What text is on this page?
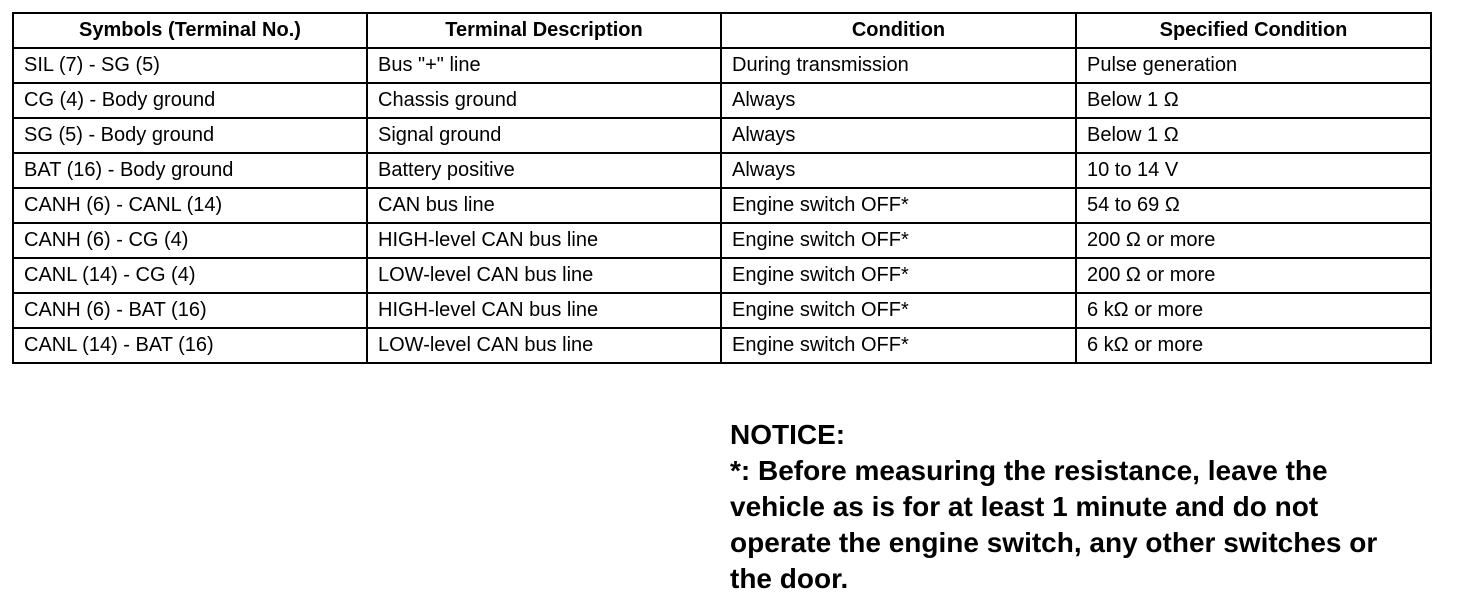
Symbols (Terminal No.)	Terminal Description	Condition	Specified Condition
SIL (7) - SG (5)	Bus "+" line	During transmission	Pulse generation
CG (4) - Body ground	Chassis ground	Always	Below 1 Ω
SG (5) - Body ground	Signal ground	Always	Below 1 Ω
BAT (16) - Body ground	Battery positive	Always	10 to 14 V
CANH (6) - CANL (14)	CAN bus line	Engine switch OFF*	54 to 69 Ω
CANH (6) - CG (4)	HIGH-level CAN bus line	Engine switch OFF*	200 Ω or more
CANL (14) - CG (4)	LOW-level CAN bus line	Engine switch OFF*	200 Ω or more
CANH (6) - BAT (16)	HIGH-level CAN bus line	Engine switch OFF*	6 kΩ or more
CANL (14) - BAT (16)	LOW-level CAN bus line	Engine switch OFF*	6 kΩ or more
NOTICE:
*: Before measuring the resistance, leave the
vehicle as is for at least 1 minute and do not
operate the engine switch, any other switches or
the door.
